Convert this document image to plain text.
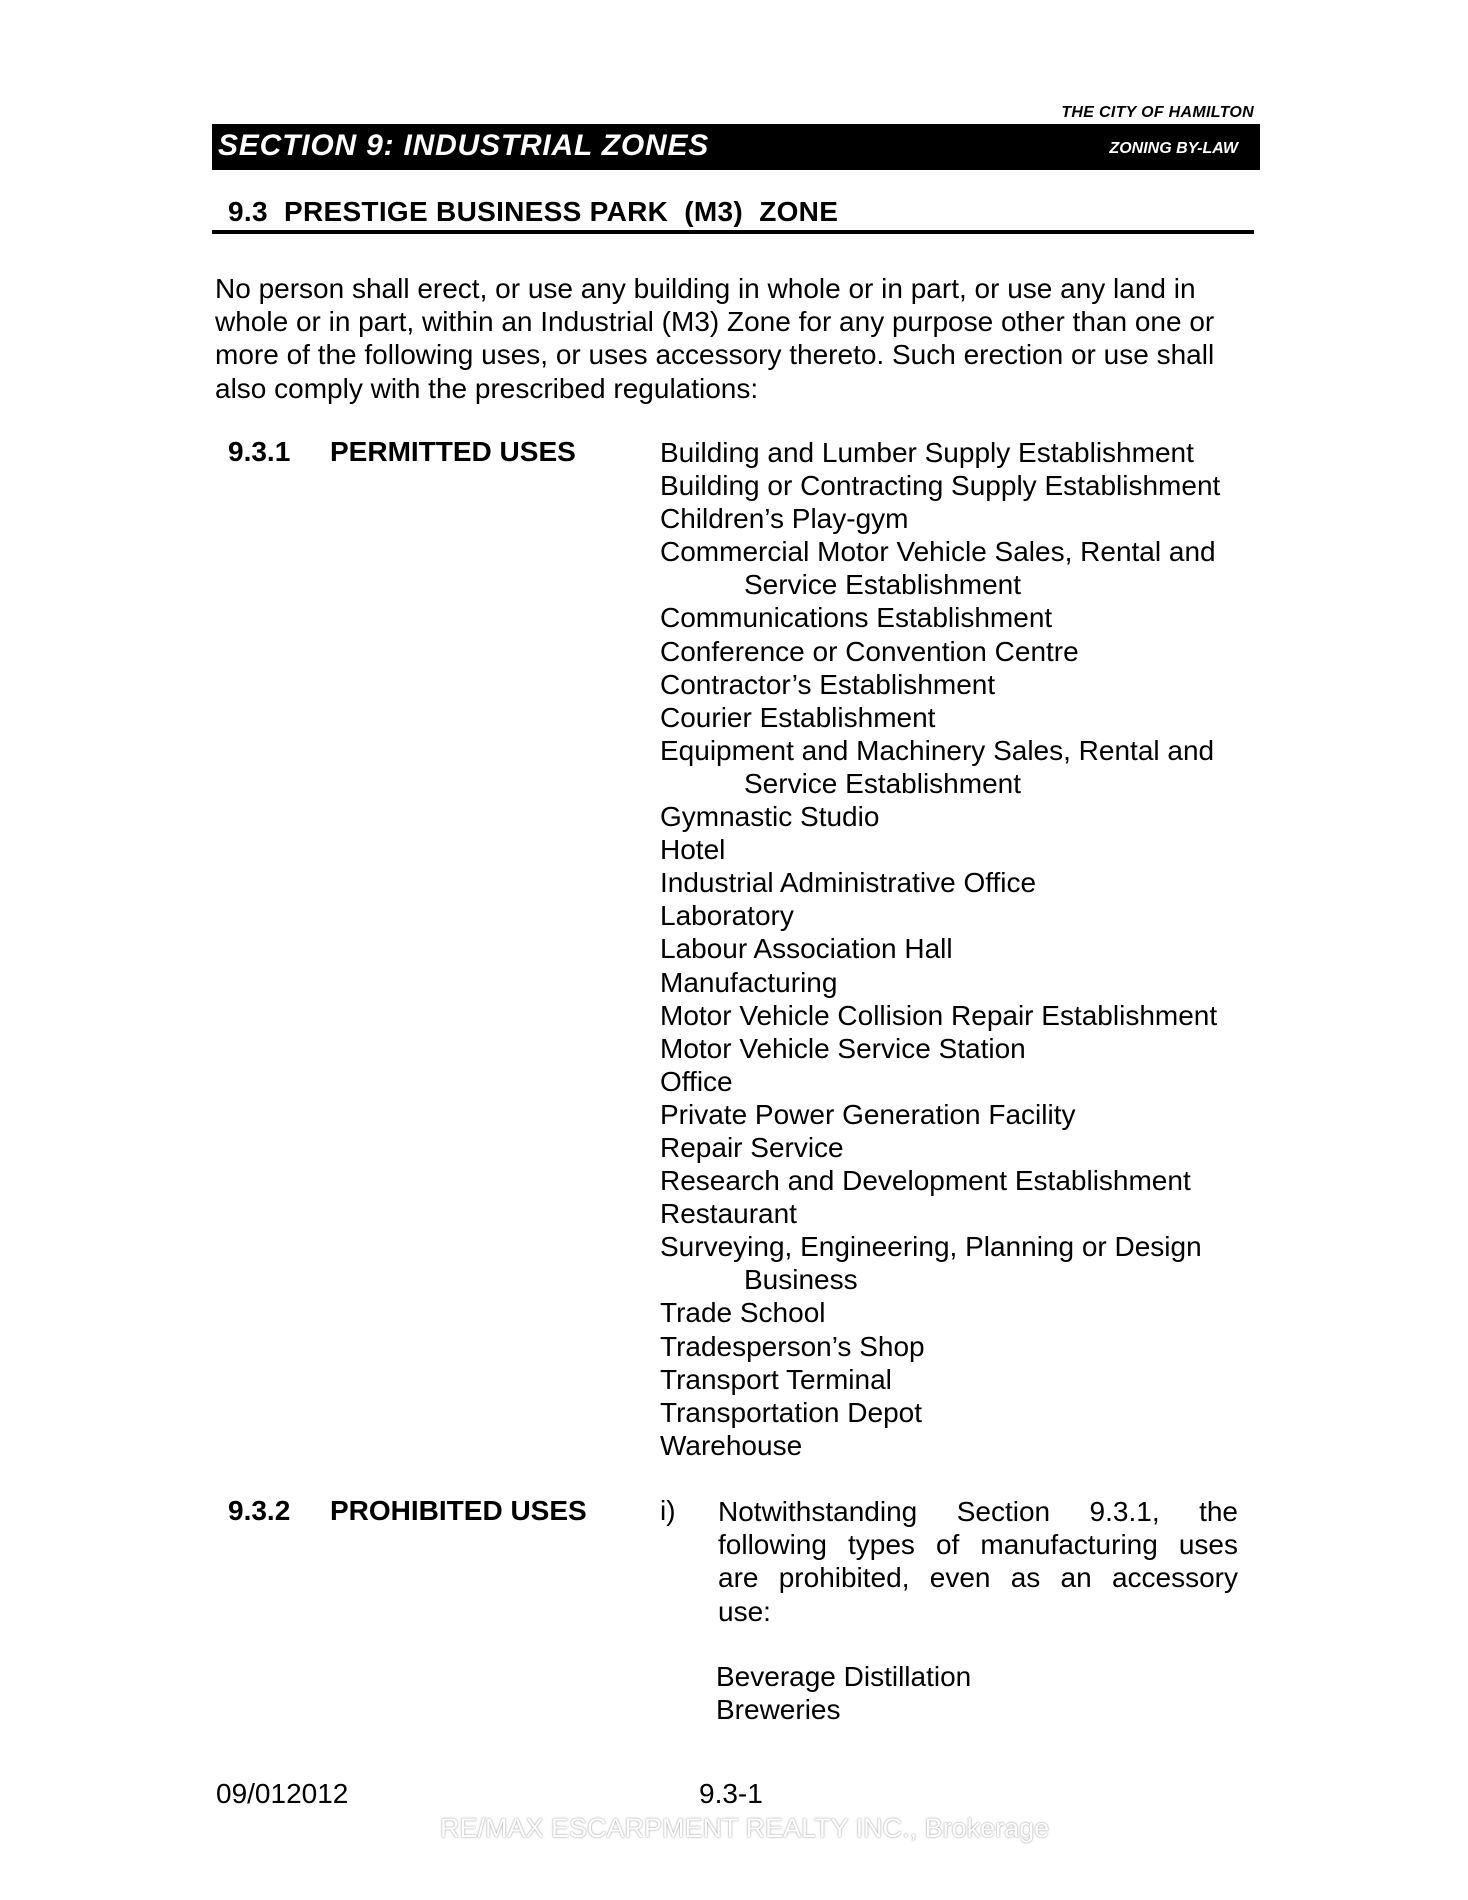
THE CITY OF HAMILTON
SECTION 9: INDUSTRIAL ZONES	ZONING BY-LAW
9.3  PRESTIGE BUSINESS PARK  (M3)  ZONE

No person shall erect, or use any building in whole or in part, or use any land in
whole or in part, within an Industrial (M3) Zone for any purpose other than one or
more of the following uses, or uses accessory thereto. Such erection or use shall
also comply with the prescribed regulations:

9.3.1 PERMITTED USES	Building and Lumber Supply Establishment
Building or Contracting Supply Establishment
Children’s Play-gym
Commercial Motor Vehicle Sales, Rental and
Service Establishment
Communications Establishment
Conference or Convention Centre
Contractor’s Establishment
Courier Establishment
Equipment and Machinery Sales, Rental and
Service Establishment
Gymnastic Studio
Hotel
Industrial Administrative Office
Laboratory
Labour Association Hall
Manufacturing
Motor Vehicle Collision Repair Establishment
Motor Vehicle Service Station
Office
Private Power Generation Facility
Repair Service
Research and Development Establishment
Restaurant
Surveying, Engineering, Planning or Design
Business
Trade School
Tradesperson’s Shop
Transport Terminal
Transportation Depot
Warehouse
9.3.2 PROHIBITED USES	i) Notwithstanding Section 9.3.1, the
following types of manufacturing uses
are prohibited, even as an accessory
use:
Beverage Distillation
Breweries
09/012012	9.3-1
RE/MAX ESCARPMENT REALTY INC., Brokerage
